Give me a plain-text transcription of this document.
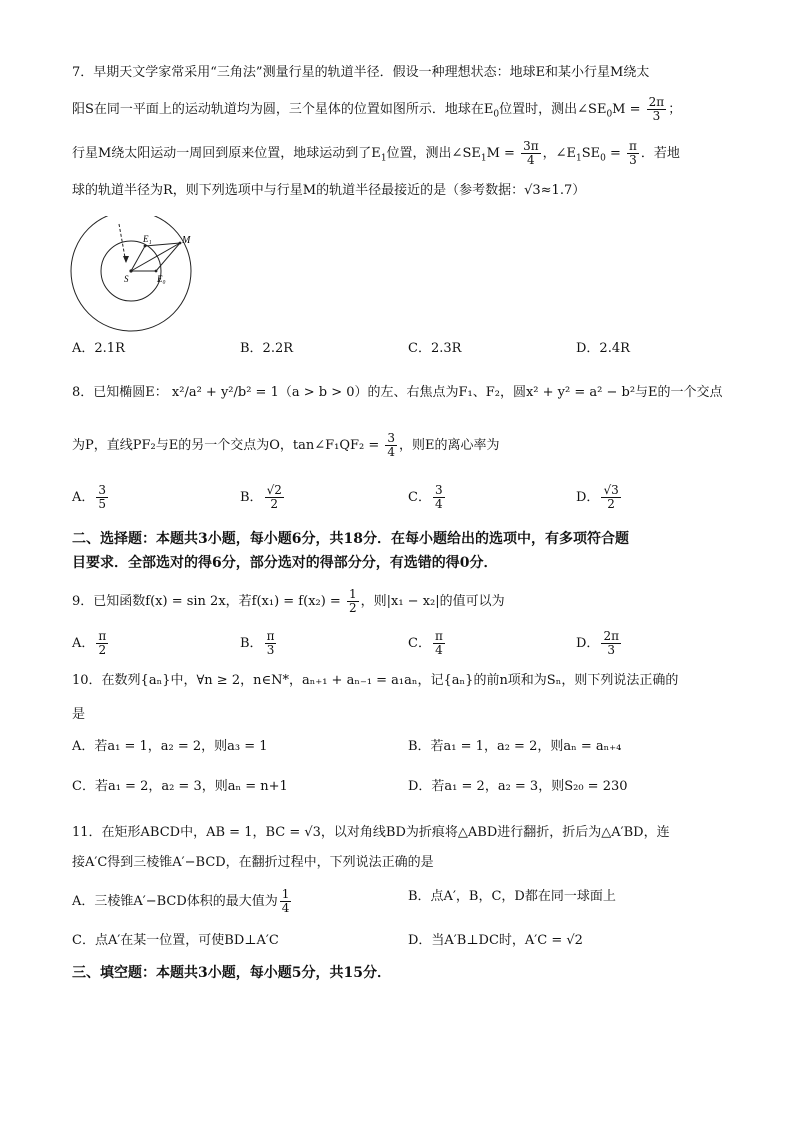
7．早期天文学家常采用“三角法”测量行星的轨道半径．假设一种理想状态：地球E和某小行星M绕太
阳S在同一平面上的运动轨道均为圆，三个星体的位置如图所示．地球在$E_0$位置时，测出$\angle SE_0M = \frac{2\pi}{3}$ ；
行星M绕太阳运动一周回到原来位置，地球运动到了$E_1$位置，测出$\angle SE_1M = \frac{3\pi}{4}$ ，$\angle E_1SE_0 = \frac{\pi}{3}$ ．若地
球的轨道半径为R，则下列选项中与行星M的轨道半径最接近的是（参考数据：√3≈1.7）
S
E₁
E₀
M
A．2.1R	B．2.2R	C．2.3R	D．2.4R
8．已知椭圆E： x²/a² + y²/b² = 1（a > b > 0）的左、右焦点为F₁、F₂，圆x² + y² = a² − b²与E的一个交点
为P，直线PF₂与E的另一个交点为O，tan∠F₁QF₂ = $\frac{3}{4}$ ，则E的离心率为
A． $\frac{3}{5}$	B． $\frac{√2}{2}$	C． $\frac{3}{4}$	D． $\frac{√3}{2}$
二、选择题：本题共3小题，每小题6分，共18分．在每小题给出的选项中，有多项符合题
目要求．全部选对的得6分，部分选对的得部分分，有选错的得0分．
9．已知函数f(x) = sin 2x，若$f(x_1) = f(x_2) = \frac{1}{2}$ ，则|x₁ − x₂|的值可以为
A． $\frac{\pi}{2}$	B． $\frac{\pi}{3}$	C． $\frac{\pi}{4}$	D． $\frac{2\pi}{3}$
10．在数列{aₙ}中，∀n ≥ 2，n∈N*，aₙ₊₁ + aₙ₋₁ = a₁aₙ，记{aₙ}的前n项和为Sₙ，则下列说法正确的
是
A．若a₁ = 1，a₂ = 2，则a₃ = 1	B．若a₁ = 1，a₂ = 2，则aₙ = aₙ₊₄
C．若a₁ = 2，a₂ = 3，则aₙ = n+1	D．若a₁ = 2，a₂ = 3，则S₂₀ = 230
11．在矩形ABCD中，AB = 1，BC = √3，以对角线BD为折痕将△ABD进行翻折，折后为△A′BD，连
接A′C得到三棱锥A′−BCD，在翻折过程中，下列说法正确的是
A．三棱锥A′−BCD体积的最大值为 $\frac{1}{4}$	B．点A′，B，C，D都在同一球面上
C．点A′在某一位置，可使BD⊥A′C	D．当A′B⊥DC时，A′C = √2
三、填空题：本题共3小题，每小题5分，共15分．
